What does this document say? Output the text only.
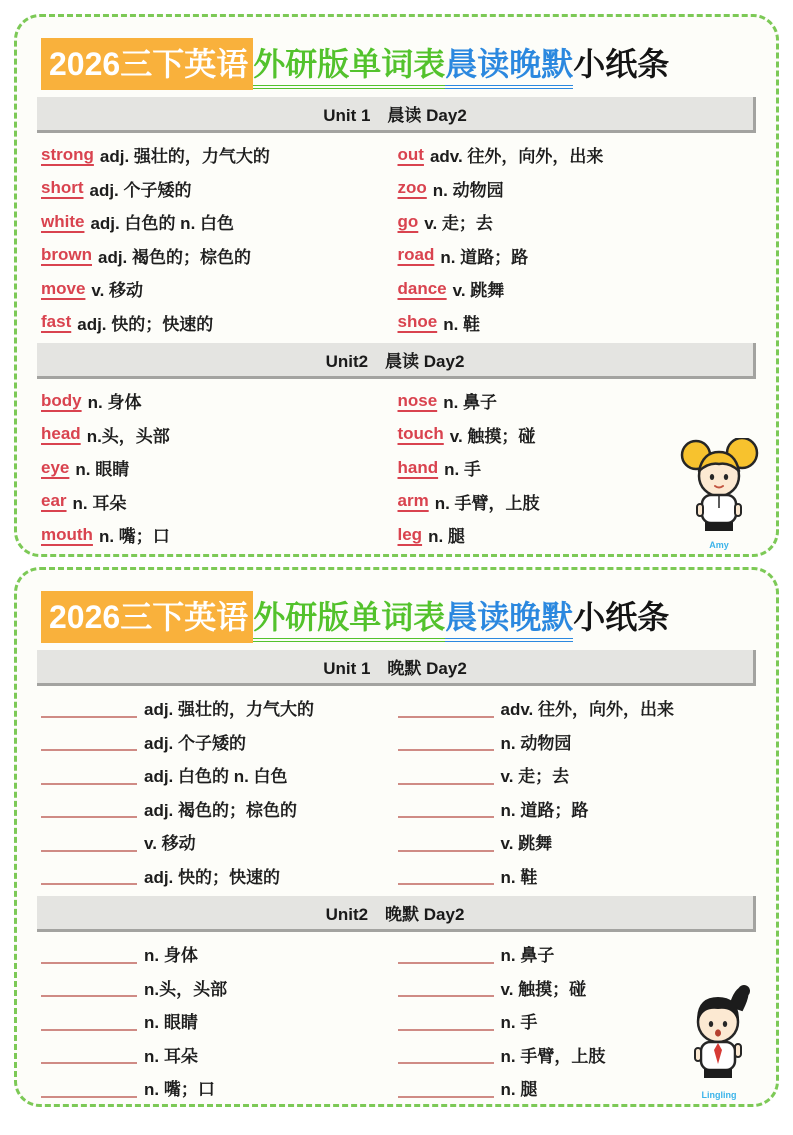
2026三下英语 外研版单词表晨读晚默小纸条
Unit 1　晨读 Day2
strong adj. 强壮的，力气大的
short adj. 个子矮的
white adj. 白色的 n. 白色
brown adj. 褐色的；棕色的
move v. 移动
fast adj. 快的；快速的
out adv. 往外，向外，出来
zoo n. 动物园
go v. 走；去
road n. 道路；路
dance v. 跳舞
shoe n. 鞋
Unit2　晨读 Day2
body n. 身体
head n.头，头部
eye n. 眼睛
ear n. 耳朵
mouth n. 嘴；口
nose n. 鼻子
touch v. 触摸；碰
hand n. 手
arm n. 手臂，上肢
leg n. 腿	Amy
2026三下英语 外研版单词表晨读晚默小纸条
Unit 1　晚默 Day2
adj. 强壮的，力气大的
adj. 个子矮的
adj. 白色的 n. 白色
adj. 褐色的；棕色的
v. 移动
adj. 快的；快速的
adv. 往外，向外，出来
n. 动物园
v. 走；去
n. 道路；路
v. 跳舞
n. 鞋
Unit2　晚默 Day2
n. 身体
n.头，头部
n. 眼睛
n. 耳朵
n. 嘴；口
n. 鼻子
v. 触摸；碰
n. 手
n. 手臂，上肢
n. 腿	Lingling
